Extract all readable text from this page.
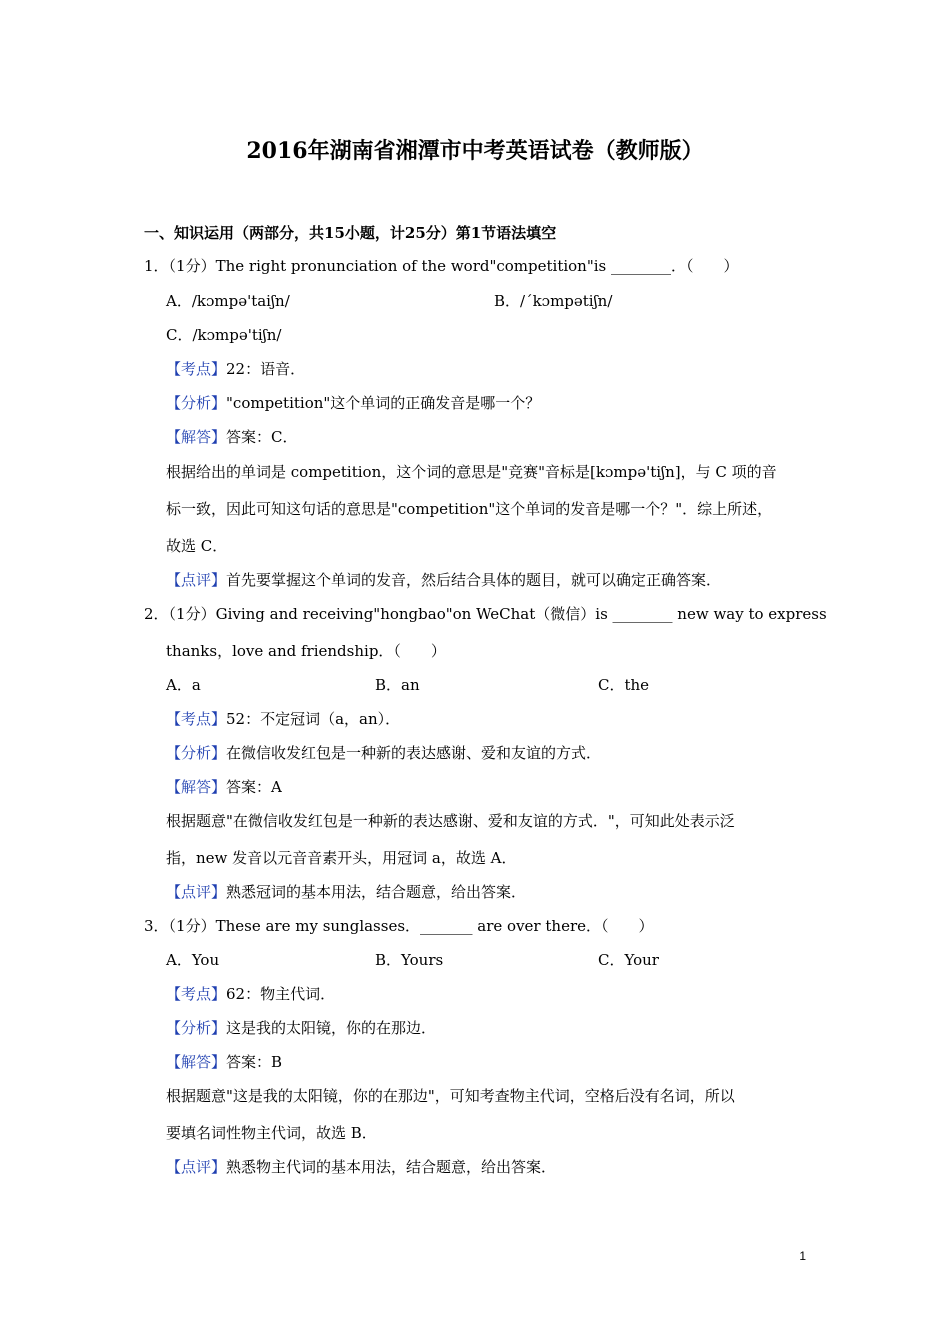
2016年湖南省湘潭市中考英语试卷（教师版）

一、知识运用（两部分，共15小题，计25分）第1节语法填空

1．（1分）The right pronunciation of the word"competition"is ________．（　　）

A．/kɔmpə'taiʃn/	B．/ˊkɔmpətiʃn/
C．/kɔmpə'tiʃn/

【考点】22：语音．

【分析】"competition"这个单词的正确发音是哪一个？

【解答】答案：C．

根据给出的单词是 competition，这个词的意思是"竞赛"音标是[kɔmpə'tiʃn]，与 C 项的音

标一致，因此可知这句话的意思是"competition"这个单词的发音是哪一个？"．综上所述，

故选 C．

【点评】首先要掌握这个单词的发音，然后结合具体的题目，就可以确定正确答案．

2．（1分）Giving and receiving"hongbao"on WeChat（微信）is ________ new way to express

thanks，love and friendship．（　　）

A．a	B．an	C．the

【考点】52：不定冠词（a，an）．

【分析】在微信收发红包是一种新的表达感谢、爱和友谊的方式．

【解答】答案：A

根据题意"在微信收发红包是一种新的表达感谢、爱和友谊的方式．"，可知此处表示泛

指，new 发音以元音音素开头，用冠词 a，故选 A．

【点评】熟悉冠词的基本用法，结合题意，给出答案．

3．（1分）These are my sunglasses．_______ are over there．（　　）

A．You	B．Yours	C．Your

【考点】62：物主代词．

【分析】这是我的太阳镜，你的在那边．

【解答】答案：B

根据题意"这是我的太阳镜，你的在那边"，可知考查物主代词，空格后没有名词，所以

要填名词性物主代词，故选 B．

【点评】熟悉物主代词的基本用法，结合题意，给出答案．

1
